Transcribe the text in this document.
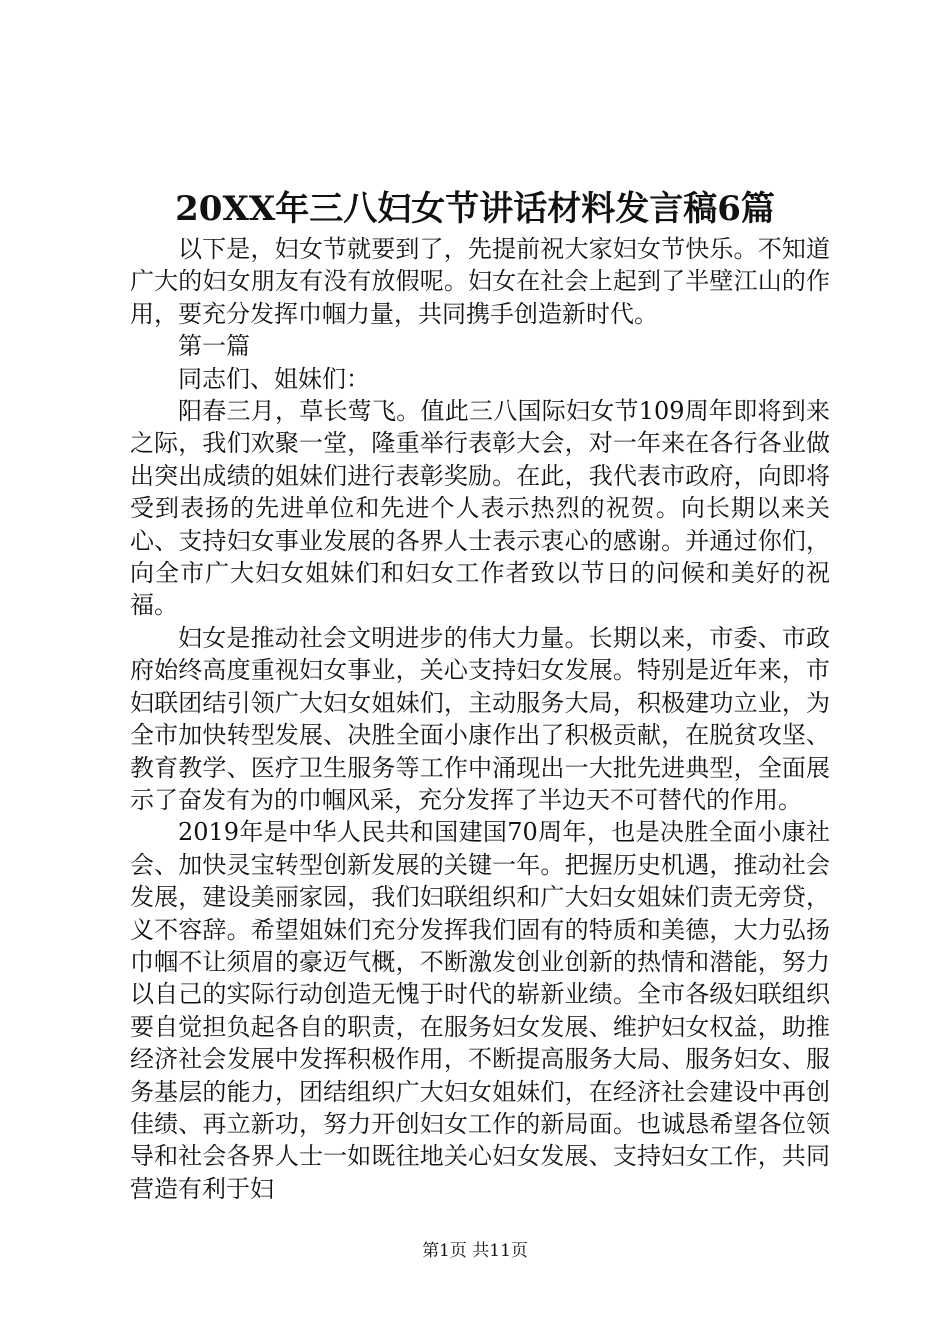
20XX年三八妇女节讲话材料发言稿6篇

以下是，妇女节就要到了，先提前祝大家妇女节快乐。不知道广大的妇女朋友有没有放假呢。妇女在社会上起到了半壁江山的作用，要充分发挥巾帼力量，共同携手创造新时代。

第一篇

同志们、姐妹们：

阳春三月，草长莺飞。值此三八国际妇女节109周年即将到来之际，我们欢聚一堂，隆重举行表彰大会，对一年来在各行各业做出突出成绩的姐妹们进行表彰奖励。在此，我代表市政府，向即将受到表扬的先进单位和先进个人表示热烈的祝贺。向长期以来关心、支持妇女事业发展的各界人士表示衷心的感谢。并通过你们，向全市广大妇女姐妹们和妇女工作者致以节日的问候和美好的祝福。

妇女是推动社会文明进步的伟大力量。长期以来，市委、市政府始终高度重视妇女事业，关心支持妇女发展。特别是近年来，市妇联团结引领广大妇女姐妹们，主动服务大局，积极建功立业，为全市加快转型发展、决胜全面小康作出了积极贡献，在脱贫攻坚、教育教学、医疗卫生服务等工作中涌现出一大批先进典型，全面展示了奋发有为的巾帼风采，充分发挥了半边天不可替代的作用。

2019年是中华人民共和国建国70周年，也是决胜全面小康社会、加快灵宝转型创新发展的关键一年。把握历史机遇，推动社会发展，建设美丽家园，我们妇联组织和广大妇女姐妹们责无旁贷，义不容辞。希望姐妹们充分发挥我们固有的特质和美德，大力弘扬巾帼不让须眉的豪迈气概，不断激发创业创新的热情和潜能，努力以自己的实际行动创造无愧于时代的崭新业绩。全市各级妇联组织要自觉担负起各自的职责，在服务妇女发展、维护妇女权益，助推经济社会发展中发挥积极作用，不断提高服务大局、服务妇女、服务基层的能力，团结组织广大妇女姐妹们，在经济社会建设中再创佳绩、再立新功，努力开创妇女工作的新局面。也诚恳希望各位领导和社会各界人士一如既往地关心妇女发展、支持妇女工作，共同营造有利于妇

第1页 共11页
